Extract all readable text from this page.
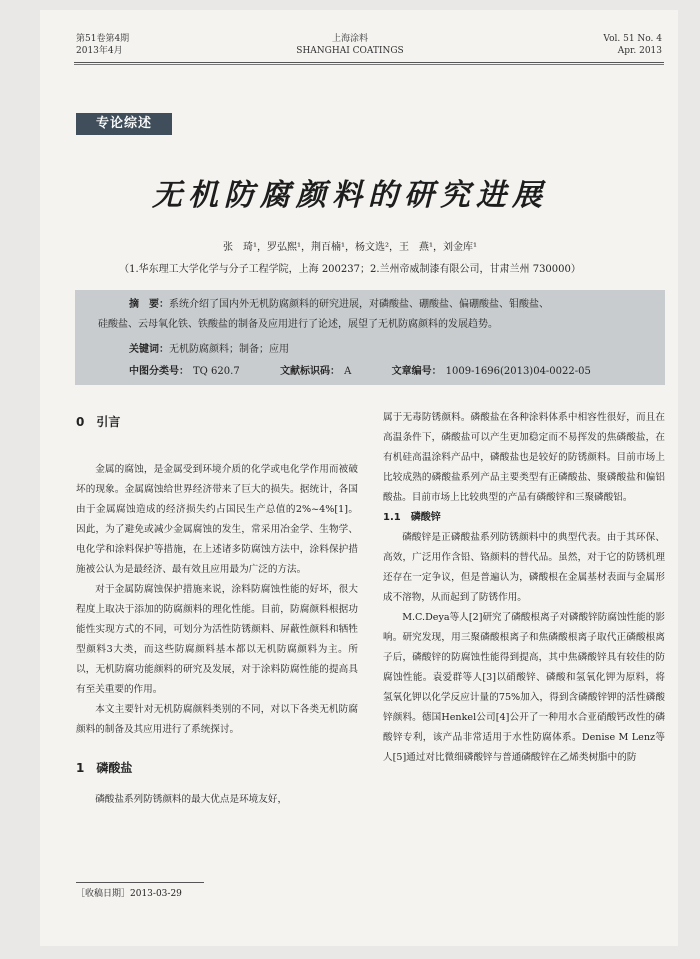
第51卷第4期
2013年4月
上海涂料
SHANGHAI COATINGS
Vol. 51 No. 4
Apr. 2013
专论综述
无机防腐颜料的研究进展
张　琦¹，罗弘熙¹，荆百楠¹，杨文选²，王　燕¹，刘金库¹
（1.华东理工大学化学与分子工程学院，上海 200237；2.兰州帝威制漆有限公司，甘肃兰州 730000）
摘　要：系统介绍了国内外无机防腐颜料的研究进展，对磷酸盐、硼酸盐、偏硼酸盐、钼酸盐、
硅酸盐、云母氧化铁、铁酸盐的制备及应用进行了论述，展望了无机防腐颜料的发展趋势。
关键词：无机防腐颜料；制备；应用
中图分类号： TQ 620.7	文献标识码： A	文章编号： 1009-1696(2013)04-0022-05

0　引言

金属的腐蚀，是金属受到环境介质的化学或电化学作用而被破坏的现象。金属腐蚀给世界经济带来了巨大的损失。据统计，各国由于金属腐蚀造成的经济损失约占国民生产总值的2%~4%[1]。因此，为了避免或减少金属腐蚀的发生，常采用冶金学、生物学、电化学和涂料保护等措施，在上述诸多防腐蚀方法中，涂料保护措施被公认为是最经济、最有效且应用最为广泛的方法。

对于金属防腐蚀保护措施来说，涂料防腐蚀性能的好坏，很大程度上取决于添加的防腐颜料的理化性能。目前，防腐颜料根据功能性实现方式的不同，可划分为活性防锈颜料、屏蔽性颜料和牺牲型颜料3大类，而这些防腐颜料基本都以无机防腐颜料为主。所以，无机防腐功能颜料的研究及发展，对于涂料防腐性能的提高具有至关重要的作用。

本文主要针对无机防腐颜料类别的不同，对以下各类无机防腐颜料的制备及其应用进行了系统探讨。

1　磷酸盐

磷酸盐系列防锈颜料的最大优点是环境友好，

［收稿日期］2013-03-29

属于无毒防锈颜料。磷酸盐在各种涂料体系中相容性很好，而且在高温条件下，磷酸盐可以产生更加稳定而不易挥发的焦磷酸盐，在有机硅高温涂料产品中，磷酸盐也是较好的防锈颜料。目前市场上比较成熟的磷酸盐系列产品主要类型有正磷酸盐、聚磷酸盐和偏铝酸盐。目前市场上比较典型的产品有磷酸锌和三聚磷酸铝。

1.1　磷酸锌

磷酸锌是正磷酸盐系列防锈颜料中的典型代表。由于其环保、高效，广泛用作含铅、铬颜料的替代品。虽然，对于它的防锈机理还存在一定争议，但是普遍认为，磷酸根在金属基材表面与金属形成不溶物，从而起到了防锈作用。

M.C.Deya等人[2]研究了磷酸根离子对磷酸锌防腐蚀性能的影响。研究发现，用三聚磷酸根离子和焦磷酸根离子取代正磷酸根离子后，磷酸锌的防腐蚀性能得到提高，其中焦磷酸锌具有较佳的防腐蚀性能。袁爱群等人[3]以硝酸锌、磷酸和氢氧化钾为原料，将氢氧化钾以化学反应计量的75%加入，得到含磷酸锌钾的活性磷酸锌颜料。德国Henkel公司[4]公开了一种用水合亚硝酸钙改性的磷酸锌专利，该产品非常适用于水性防腐体系。Denise M Lenz等人[5]通过对比微细磷酸锌与普通磷酸锌在乙烯类树脂中的防
